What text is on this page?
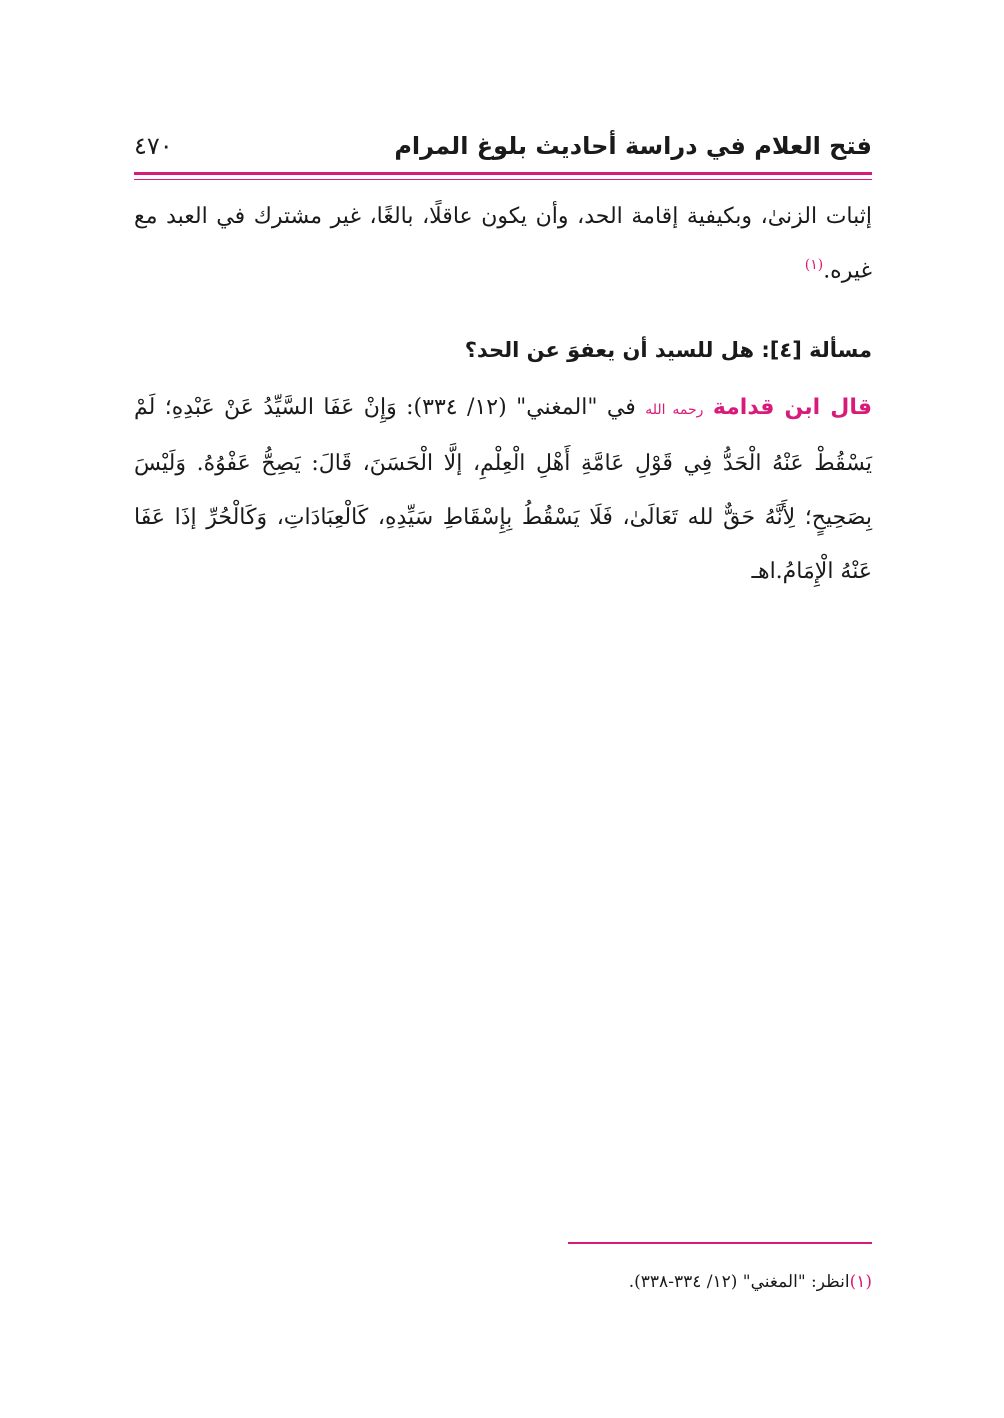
فتح العلام في دراسة أحاديث بلوغ المرام
٤٧٠
إثبات الزنىٰ، وبكيفية إقامة الحد، وأن يكون عاقلًا، بالغًا، غير مشترك في العبد مع
غيره.$^{(١)}$
مسألة [٤]: هل للسيد أن يعفوَ عن الحد؟
قال ابن قدامة رحمه الله في "المغني" (١٢/ ٣٣٤): وَإِنْ عَفَا السَّيِّدُ عَنْ عَبْدِهِ؛ لَمْ
يَسْقُطْ عَنْهُ الْحَدُّ فِي قَوْلِ عَامَّةِ أَهْلِ الْعِلْمِ، إلَّا الْحَسَنَ، قَالَ: يَصِحُّ عَفْوُهُ. وَلَيْسَ
بِصَحِيحٍ؛ لِأَنَّهُ حَقٌّ لله تَعَالَىٰ، فَلَا يَسْقُطُ بِإِسْقَاطِ سَيِّدِهِ، كَالْعِبَادَاتِ، وَكَالْحُرِّ إذَا عَفَا
عَنْهُ الْإِمَامُ.اهـ
(١)انظر: "المغني" (١٢/ ٣٣٤-٣٣٨).
